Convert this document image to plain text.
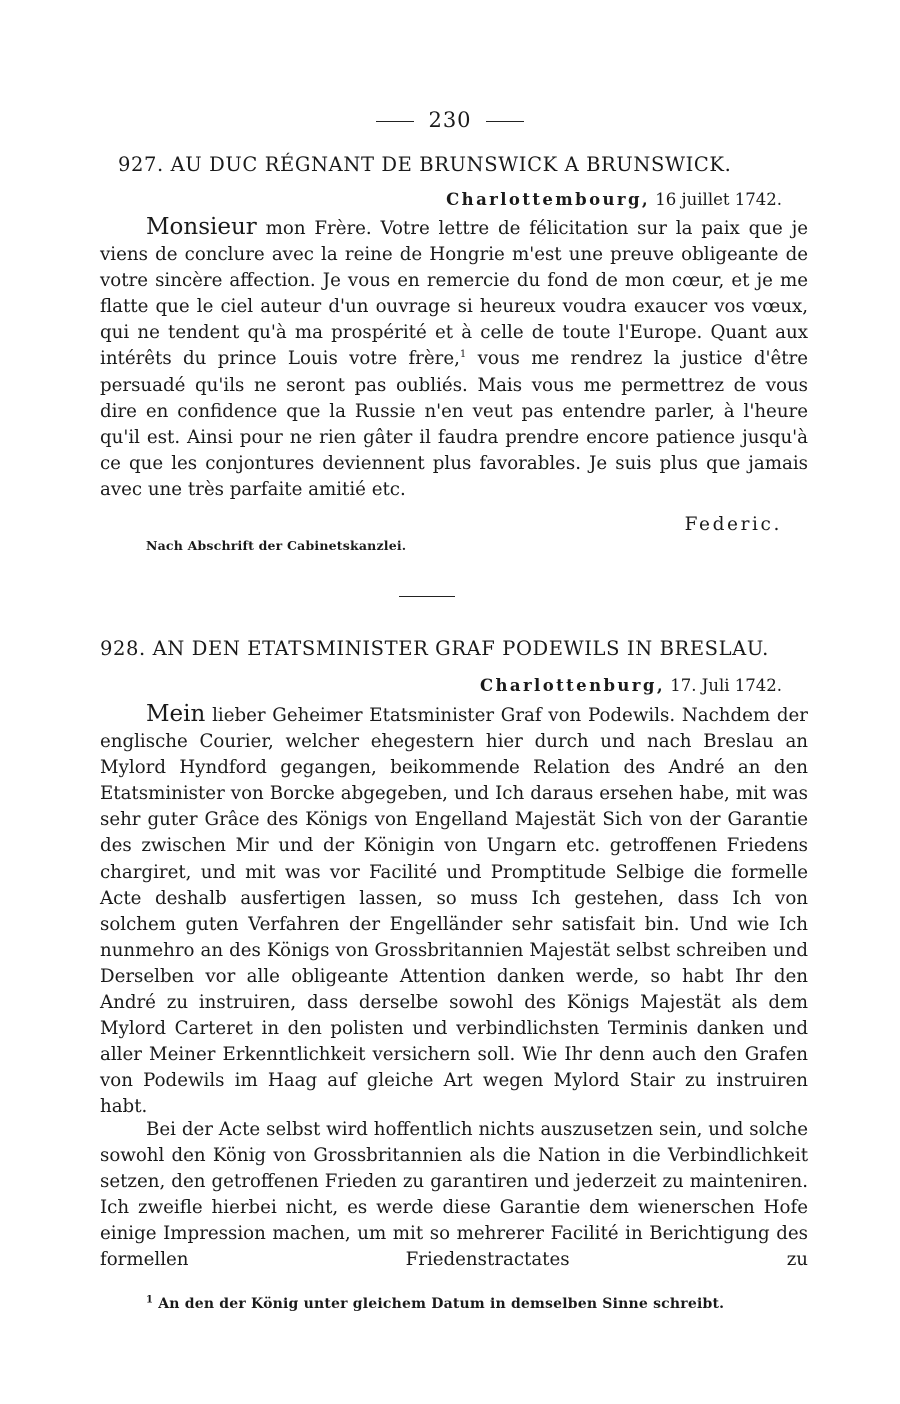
230
927. AU DUC RÉGNANT DE BRUNSWICK A BRUNSWICK.
Charlottembourg, 16 juillet 1742.

Monsieur mon Frère. Votre lettre de félicitation sur la paix que je viens de conclure avec la reine de Hongrie m'est une preuve obligeante de votre sincère affection. Je vous en remercie du fond de mon cœur, et je me flatte que le ciel auteur d'un ouvrage si heureux voudra exaucer vos vœux, qui ne tendent qu'à ma prospérité et à celle de toute l'Europe. Quant aux intérêts du prince Louis votre frère,$^1$ vous me rendrez la justice d'être persuadé qu'ils ne seront pas oubliés. Mais vous me permettrez de vous dire en confidence que la Russie n'en veut pas entendre parler, à l'heure qu'il est. Ainsi pour ne rien gâter il faudra prendre encore patience jusqu'à ce que les conjontures deviennent plus favorables. Je suis plus que jamais avec une très parfaite amitié etc.

Federic.
Nach Abschrift der Cabinetskanzlei.
928. AN DEN ETATSMINISTER GRAF PODEWILS IN BRESLAU.
Charlottenburg, 17. Juli 1742.

Mein lieber Geheimer Etatsminister Graf von Podewils. Nachdem der englische Courier, welcher ehegestern hier durch und nach Breslau an Mylord Hyndford gegangen, beikommende Relation des André an den Etatsminister von Borcke abgegeben, und Ich daraus ersehen habe, mit was sehr guter Grâce des Königs von Engelland Majestät Sich von der Garantie des zwischen Mir und der Königin von Ungarn etc. getroffenen Friedens chargiret, und mit was vor Facilité und Promptitude Selbige die formelle Acte deshalb ausfertigen lassen, so muss Ich gestehen, dass Ich von solchem guten Verfahren der Engelländer sehr satisfait bin. Und wie Ich nunmehro an des Königs von Grossbritannien Majestät selbst schreiben und Derselben vor alle obligeante Attention danken werde, so habt Ihr den André zu instruiren, dass derselbe sowohl des Königs Majestät als dem Mylord Carteret in den polisten und verbindlichsten Terminis danken und aller Meiner Erkenntlichkeit versichern soll. Wie Ihr denn auch den Grafen von Podewils im Haag auf gleiche Art wegen Mylord Stair zu instruiren habt.

Bei der Acte selbst wird hoffentlich nichts auszusetzen sein, und solche sowohl den König von Grossbritannien als die Nation in die Verbindlichkeit setzen, den getroffenen Frieden zu garantiren und jederzeit zu mainteniren. Ich zweifle hierbei nicht, es werde diese Garantie dem wienerschen Hofe einige Impression machen, um mit so mehrerer Facilité in Berichtigung des formellen Friedenstractates zu

$^1$ An den der König unter gleichem Datum in demselben Sinne schreibt.
